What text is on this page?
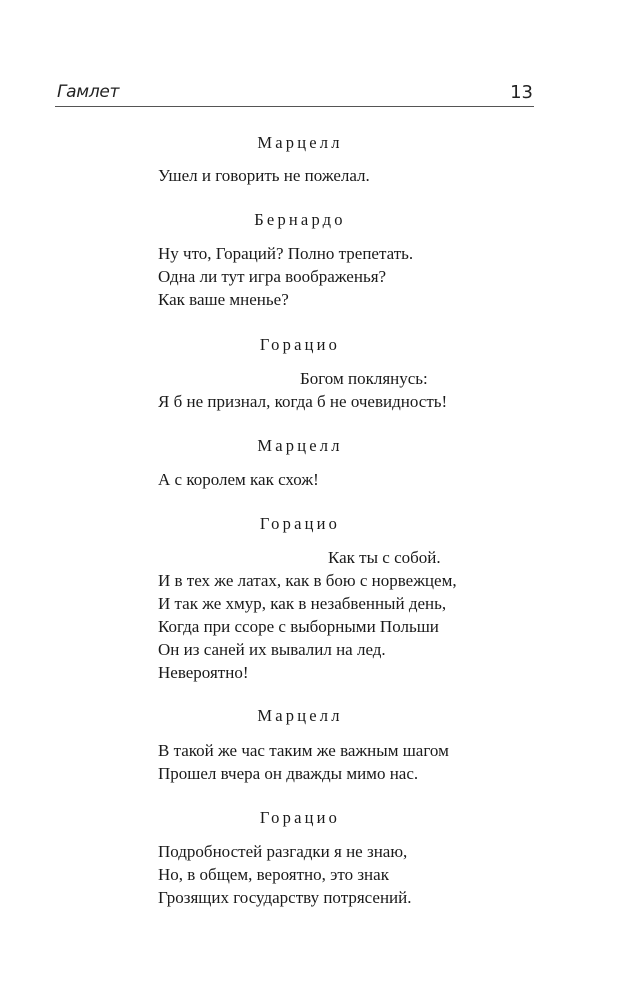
Гамлет	13
Марцелл
Ушел и говорить не пожелал.
Бернардо
Ну что, Гораций? Полно трепетать.
Одна ли тут игра воображенья?
Как ваше мненье?
Горацио
Богом поклянусь:
Я б не признал, когда б не очевидность!
Марцелл
А с королем как схож!
Горацио
Как ты с собой.
И в тех же латах, как в бою с норвежцем,
И так же хмур, как в незабвенный день,
Когда при ссоре с выборными Польши
Он из саней их вывалил на лед.
Невероятно!
Марцелл
В такой же час таким же важным шагом
Прошел вчера он дважды мимо нас.
Горацио
Подробностей разгадки я не знаю,
Но, в общем, вероятно, это знак
Грозящих государству потрясений.
